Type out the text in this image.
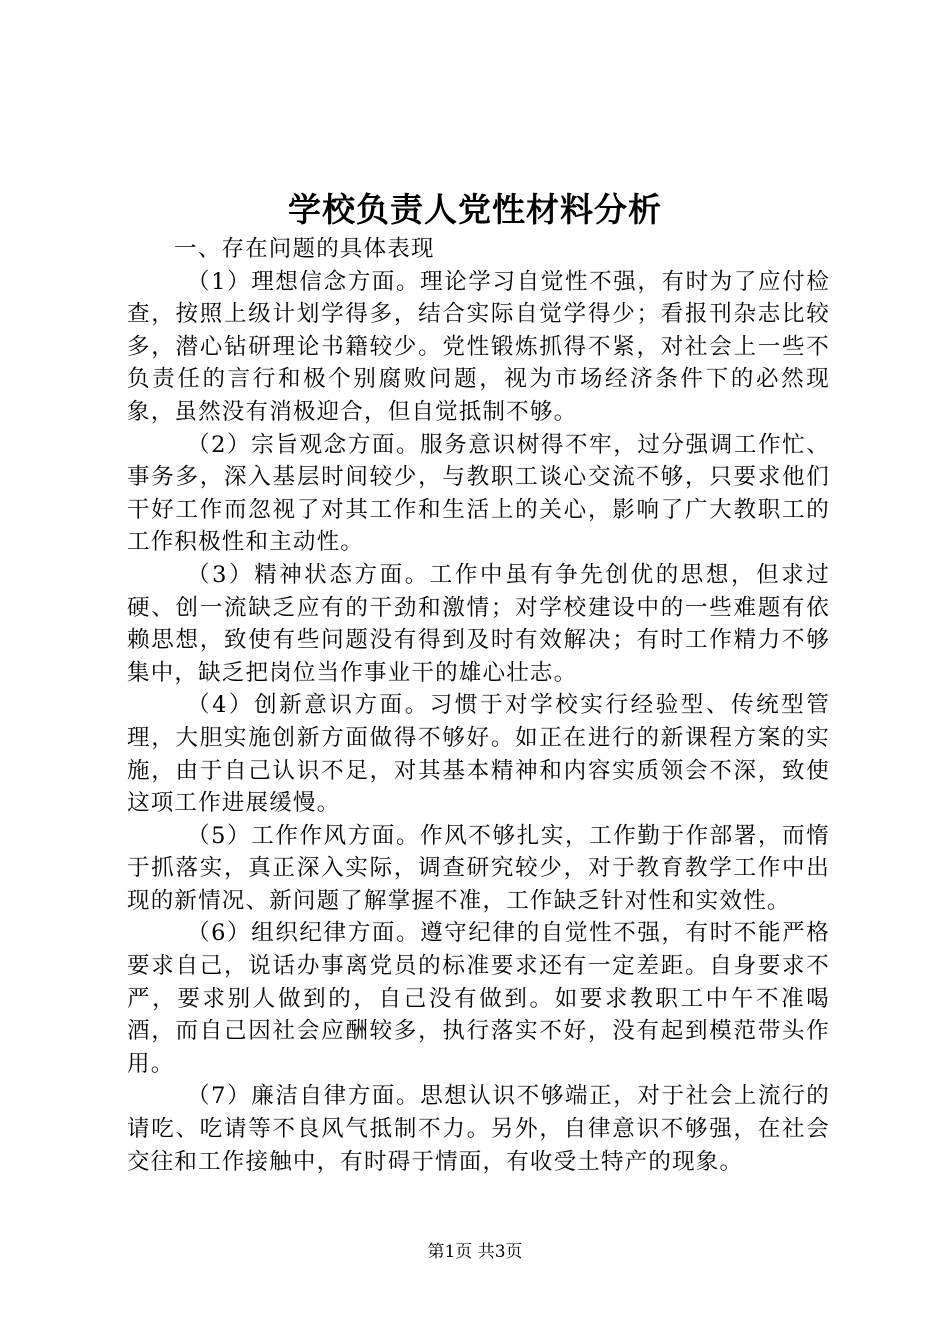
学校负责人党性材料分析

一、存在问题的具体表现

（1）理想信念方面。理论学习自觉性不强，有时为了应付检查，按照上级计划学得多，结合实际自觉学得少；看报刊杂志比较多，潜心钻研理论书籍较少。党性锻炼抓得不紧，对社会上一些不负责任的言行和极个别腐败问题，视为市场经济条件下的必然现象，虽然没有消极迎合，但自觉抵制不够。

（2）宗旨观念方面。服务意识树得不牢，过分强调工作忙、事务多，深入基层时间较少，与教职工谈心交流不够，只要求他们干好工作而忽视了对其工作和生活上的关心，影响了广大教职工的工作积极性和主动性。

（3）精神状态方面。工作中虽有争先创优的思想，但求过硬、创一流缺乏应有的干劲和激情；对学校建设中的一些难题有依赖思想，致使有些问题没有得到及时有效解决；有时工作精力不够集中，缺乏把岗位当作事业干的雄心壮志。

（4）创新意识方面。习惯于对学校实行经验型、传统型管理，大胆实施创新方面做得不够好。如正在进行的新课程方案的实施，由于自己认识不足，对其基本精神和内容实质领会不深，致使这项工作进展缓慢。

（5）工作作风方面。作风不够扎实，工作勤于作部署，而惰于抓落实，真正深入实际，调查研究较少，对于教育教学工作中出现的新情况、新问题了解掌握不准，工作缺乏针对性和实效性。

（6）组织纪律方面。遵守纪律的自觉性不强，有时不能严格要求自己，说话办事离党员的标准要求还有一定差距。自身要求不严，要求别人做到的，自己没有做到。如要求教职工中午不准喝酒，而自己因社会应酬较多，执行落实不好，没有起到模范带头作用。

（7）廉洁自律方面。思想认识不够端正，对于社会上流行的请吃、吃请等不良风气抵制不力。另外，自律意识不够强，在社会交往和工作接触中，有时碍于情面，有收受土特产的现象。

第1页 共3页
